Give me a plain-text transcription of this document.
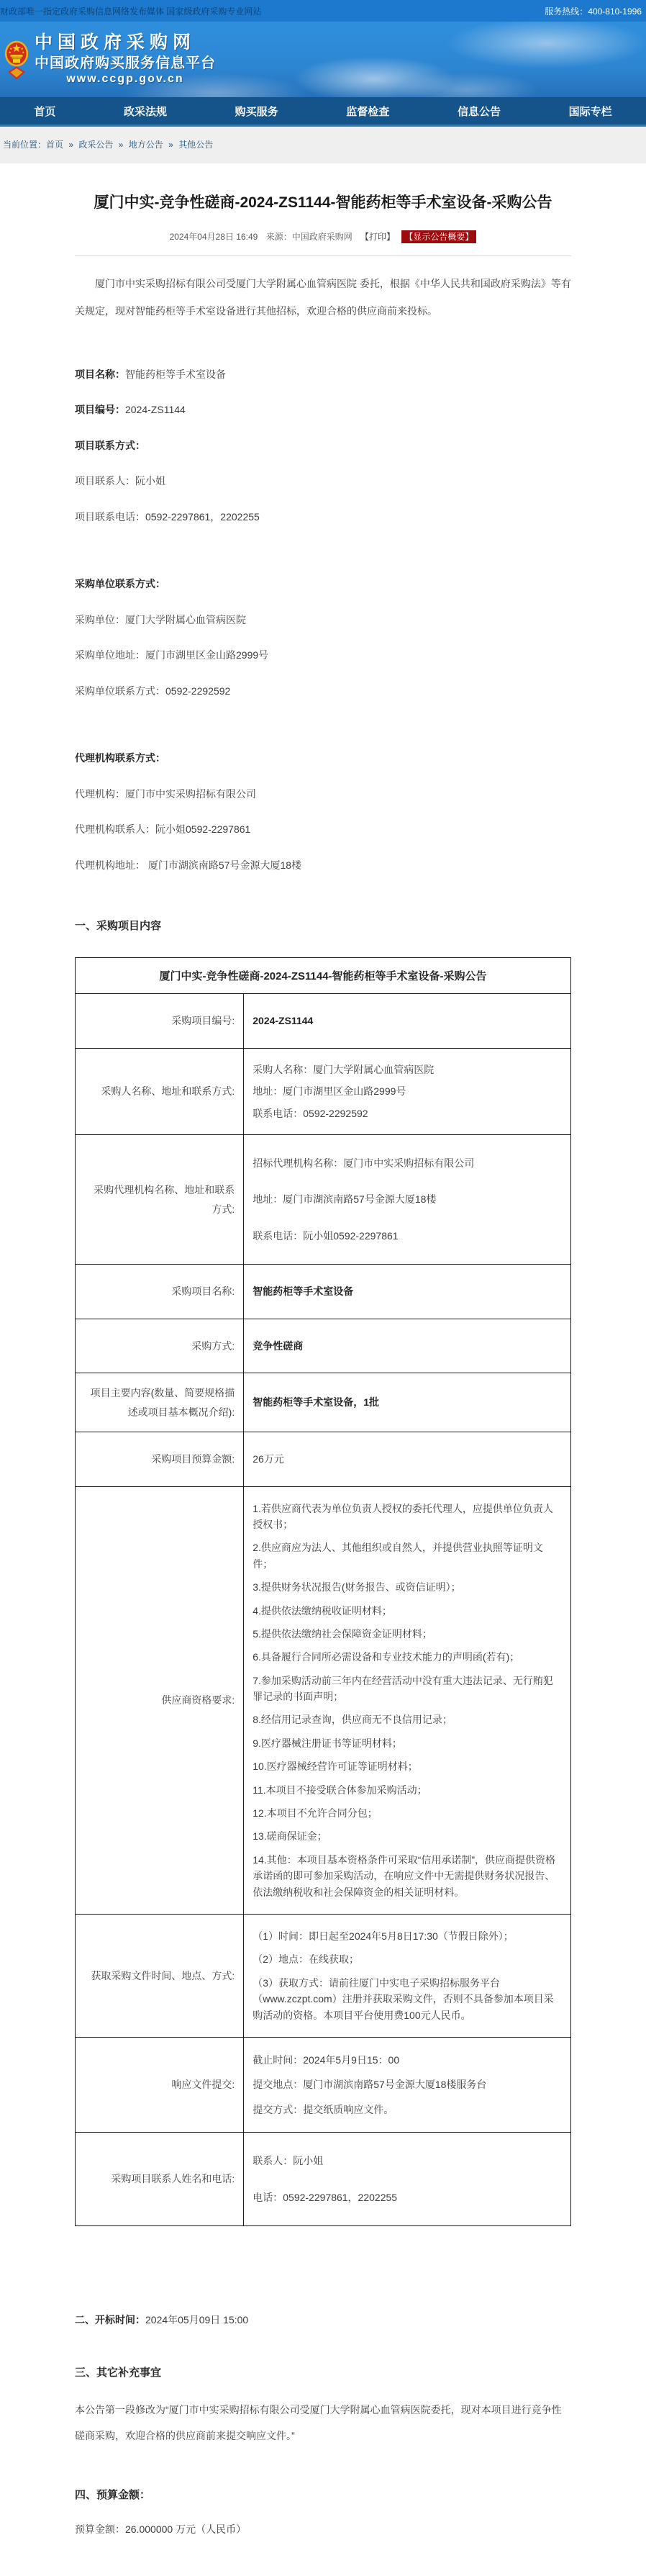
财政部唯一指定政府采购信息网络发布媒体 国家级政府采购专业网站	服务热线：400-810-1996
中国政府采购网
中国政府购买服务信息平台
www.ccgp.gov.cn
首页	政采法规	购买服务	监督检查	信息公告	国际专栏
当前位置：首页 » 政采公告 » 地方公告 » 其他公告
厦门中实-竞争性磋商-2024-ZS1144-智能药柜等手术室设备-采购公告
2024年04月28日 16:49 来源：中国政府采购网 【打印】 【显示公告概要】

厦门市中实采购招标有限公司受厦门大学附属心血管病医院 委托，根据《中华人民共和国政府采购法》等有关规定，现对智能药柜等手术室设备进行其他招标，欢迎合格的供应商前来投标。

项目名称：智能药柜等手术室设备

项目编号：2024-ZS1144

项目联系方式：

项目联系人：阮小姐

项目联系电话：0592-2297861，2202255

采购单位联系方式：

采购单位：厦门大学附属心血管病医院

采购单位地址：厦门市湖里区金山路2999号

采购单位联系方式：0592-2292592

代理机构联系方式：

代理机构：厦门市中实采购招标有限公司

代理机构联系人：阮小姐0592-2297861

代理机构地址： 厦门市湖滨南路57号金源大厦18楼

一、采购项目内容

厦门中实-竞争性磋商-2024-ZS1144-智能药柜等手术室设备-采购公告	
采购项目编号:	2024-ZS1144

采购人名称、地址和联系方式:	采购人名称：厦门大学附属心血管病医院

地址：厦门市湖里区金山路2999号

联系电话：0592-2292592

采购代理机构名称、地址和联系方式:	招标代理机构名称：厦门市中实采购招标有限公司

地址：厦门市湖滨南路57号金源大厦18楼

联系电话：阮小姐0592-2297861

采购项目名称:	智能药柜等手术室设备

采购方式:	竞争性磋商

项目主要内容(数量、简要规格描述或项目基本概况介绍):	智能药柜等手术室设备，1批

采购项目预算金额:	26万元

供应商资格要求:	

1.若供应商代表为单位负责人授权的委托代理人，应提供单位负责人授权书；

2.供应商应为法人、其他组织或自然人，并提供营业执照等证明文件；

3.提供财务状况报告(财务报告、或资信证明）；

4.提供依法缴纳税收证明材料；

5.提供依法缴纳社会保障资金证明材料；

6.具备履行合同所必需设备和专业技术能力的声明函(若有)；

7.参加采购活动前三年内在经营活动中没有重大违法记录、无行贿犯罪记录的书面声明；

8.经信用记录查询，供应商无不良信用记录；

9.医疗器械注册证书等证明材料；

10.医疗器械经营许可证等证明材料；

11.本项目不接受联合体参加采购活动；

12.本项目不允许合同分包；

13.磋商保证金；

14.其他：本项目基本资格条件可采取“信用承诺制”，供应商提供资格承诺函的即可参加采购活动，在响应文件中无需提供财务状况报告、依法缴纳税收和社会保障资金的相关证明材料。

获取采购文件时间、地点、方式:	（1）时间：即日起至2024年5月8日17:30（节假日除外）；

（2）地点：在线获取；

（3）获取方式：请前往厦门中实电子采购招标服务平台（www.zczpt.com）注册并获取采购文件，否则不具备参加本项目采购活动的资格。本项目平台使用费100元人民币。

响应文件提交:	截止时间：2024年5月9日15：00

提交地点：厦门市湖滨南路57号金源大厦18楼服务台

提交方式：提交纸质响应文件。

采购项目联系人姓名和电话:	联系人：阮小姐

电话：0592-2297861，2202255

二、开标时间：2024年05月09日 15:00

三、其它补充事宜

本公告第一段修改为“厦门市中实采购招标有限公司受厦门大学附属心血管病医院委托，现对本项目进行竞争性磋商采购，欢迎合格的供应商前来提交响应文件。”

四、预算金额：

预算金额：26.000000 万元（人民币）
